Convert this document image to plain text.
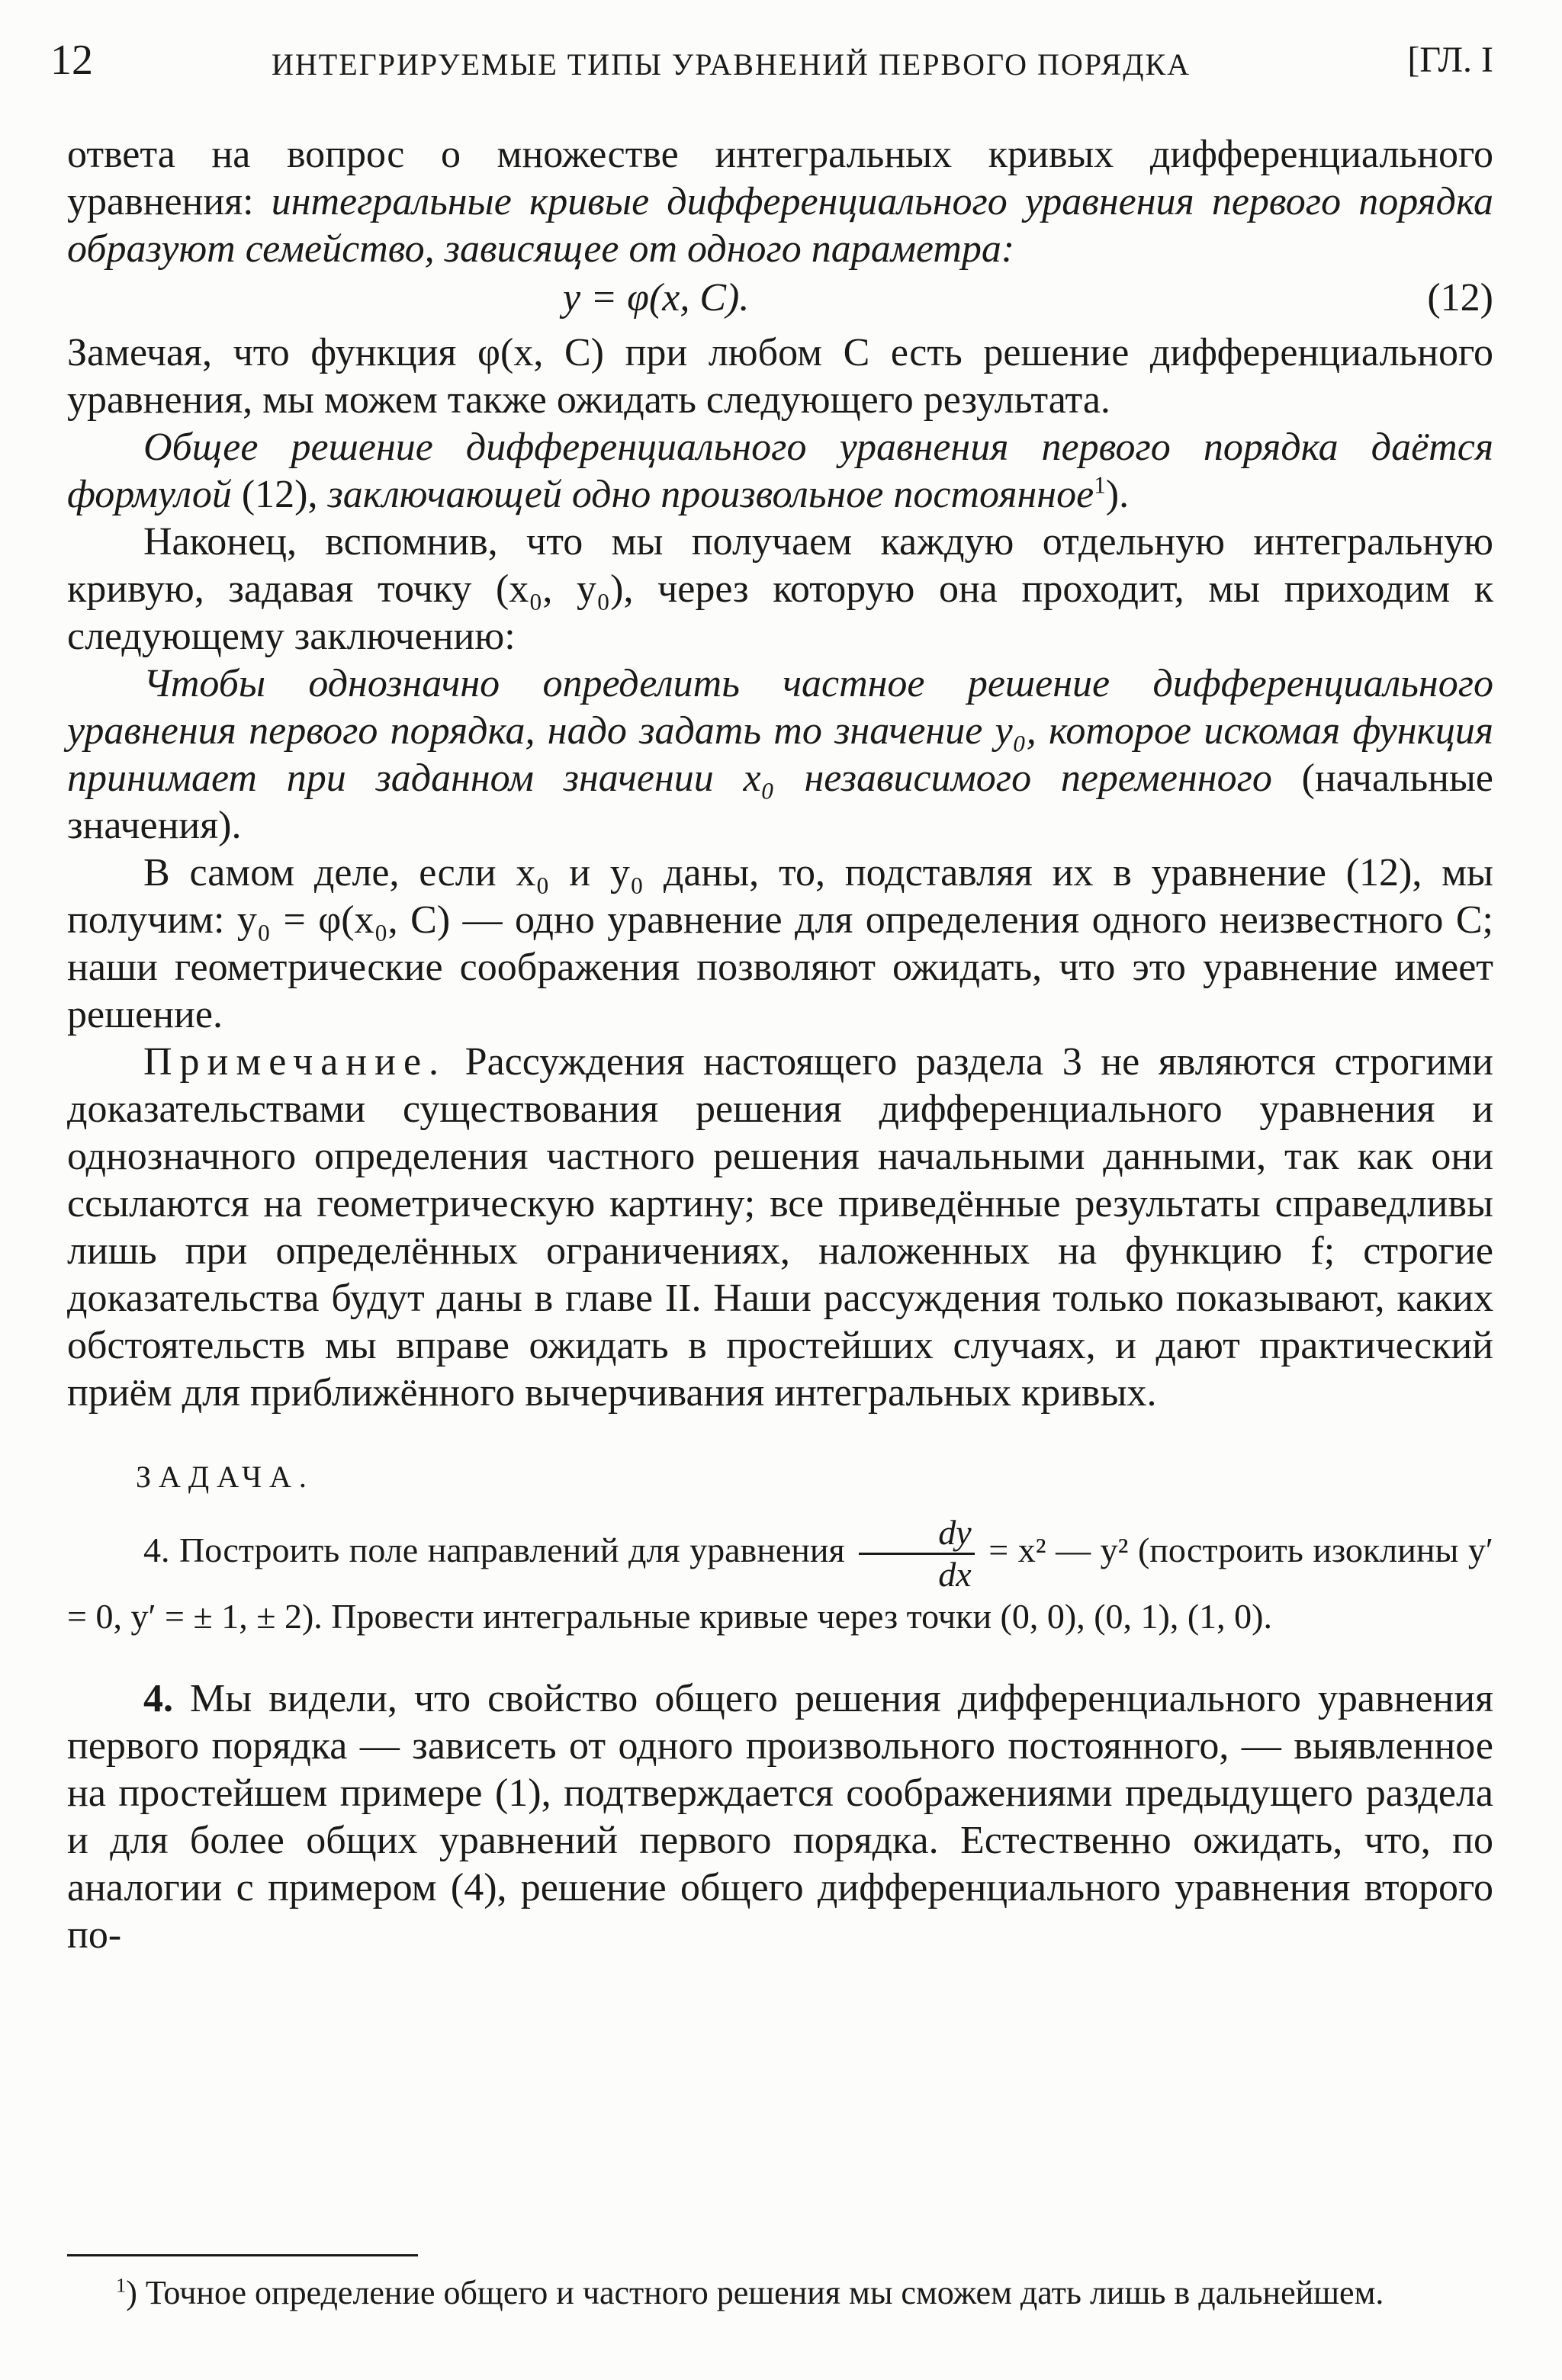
12	ИНТЕГРИРУЕМЫЕ ТИПЫ УРАВНЕНИЙ ПЕРВОГО ПОРЯДКА	[ГЛ. I

ответа на вопрос о множестве интегральных кривых дифференциального уравнения: интегральные кривые дифференциального уравнения первого порядка образуют семейство, зависящее от одного параметра:

y = φ(x, C).	(12)

Замечая, что функция φ(x, C) при любом C есть решение дифференциального уравнения, мы можем также ожидать следующего результата.

Общее решение дифференциального уравнения первого порядка даётся формулой (12), заключающей одно произвольное постоянное$^1$).

Наконец, вспомнив, что мы получаем каждую отдельную интегральную кривую, задавая точку (x₀, y₀), через которую она проходит, мы приходим к следующему заключению:

Чтобы однозначно определить частное решение дифференциального уравнения первого порядка, надо задать то значение y₀, которое искомая функция принимает при заданном значении x₀ независимого переменного (начальные значения).

В самом деле, если x₀ и y₀ даны, то, подставляя их в уравнение (12), мы получим: y₀ = φ(x₀, C) — одно уравнение для определения одного неизвестного C; наши геометрические соображения позволяют ожидать, что это уравнение имеет решение.

Примечание. Рассуждения настоящего раздела 3 не являются строгими доказательствами существования решения дифференциального уравнения и однозначного определения частного решения начальными данными, так как они ссылаются на геометрическую картину; все приведённые результаты справедливы лишь при определённых ограничениях, наложенных на функцию f; строгие доказательства будут даны в главе II. Наши рассуждения только показывают, каких обстоятельств мы вправе ожидать в простейших случаях, и дают практический приём для приближённого вычерчивания интегральных кривых.

ЗАДАЧА.

4. Построить поле направлений для уравнения $\frac{dy}{dx} = x^2$ — y² (построить изоклины y′ = 0, y′ = ± 1, ± 2). Провести интегральные кривые через точки (0, 0), (0, 1), (1, 0).

4. Мы видели, что свойство общего решения дифференциального уравнения первого порядка — зависеть от одного произвольного постоянного, — выявленное на простейшем примере (1), подтверждается соображениями предыдущего раздела и для более общих уравнений первого порядка. Естественно ожидать, что, по аналогии с примером (4), решение общего дифференциального уравнения второго по-

$^1$) Точное определение общего и частного решения мы сможем дать лишь в дальнейшем.
